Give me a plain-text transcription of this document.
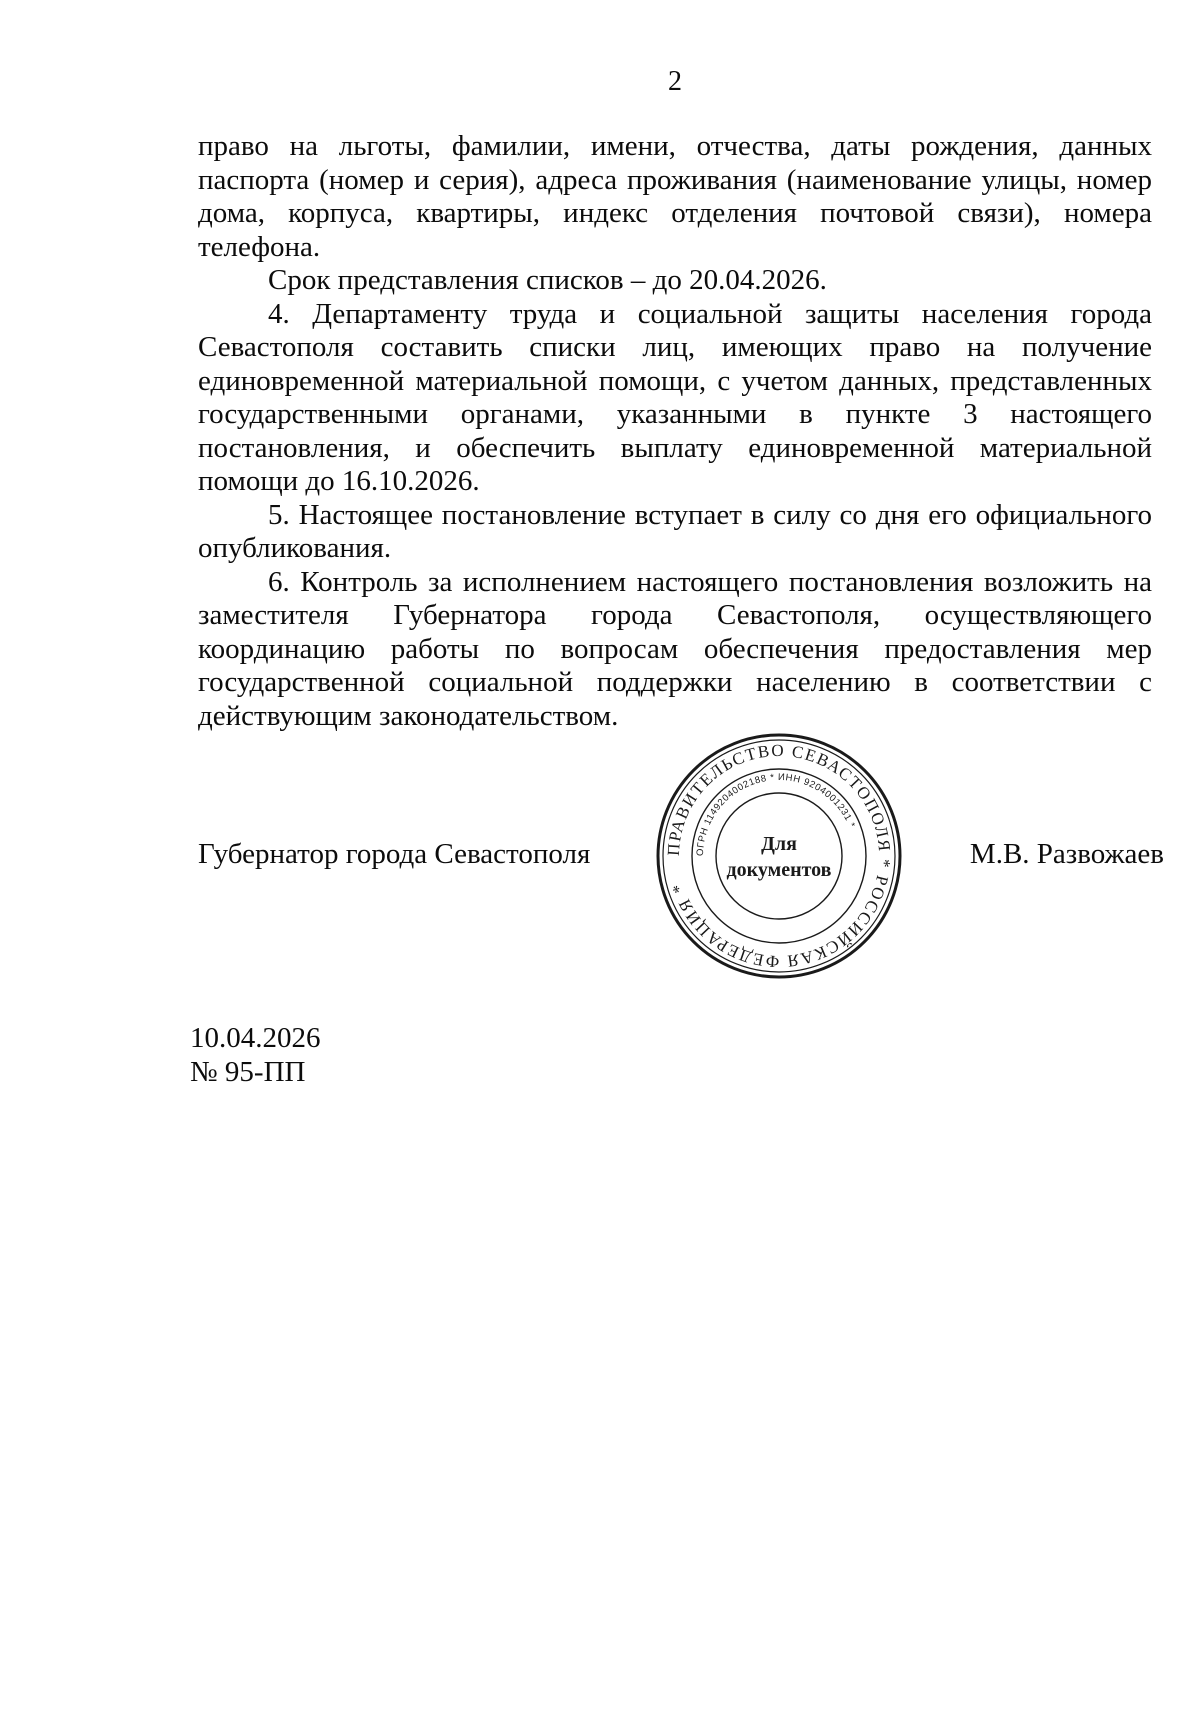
2

право на льготы, фамилии, имени, отчества, даты рождения, данных паспорта (номер и серия), адреса проживания (наименование улицы, номер дома, корпуса, квартиры, индекс отделения почтовой связи), номера телефона.

Срок представления списков – до 20.04.2026.

4. Департаменту труда и социальной защиты населения города Севастополя составить списки лиц, имеющих право на получение единовременной материальной помощи, с учетом данных, представленных государственными органами, указанными в пункте 3 настоящего постановления, и обеспечить выплату единовременной материальной помощи до 16.10.2026.

5. Настоящее постановление вступает в силу со дня его официального опубликования.

6. Контроль за исполнением настоящего постановления возложить на заместителя Губернатора города Севастополя, осуществляющего координацию работы по вопросам обеспечения предоставления мер государственной социальной поддержки населению в соответствии с действующим законодательством.

Губернатор города Севастополя	М.В. Развожаев
ПРАВИТЕЛЬСТВО СЕВАСТОПОЛЯ * РОССИЙСКАЯ ФЕДЕРАЦИЯ *
ОГРН 1149204002188 * ИНН 9204001231 *
Для
документов
10.04.2026
№ 95-ПП
